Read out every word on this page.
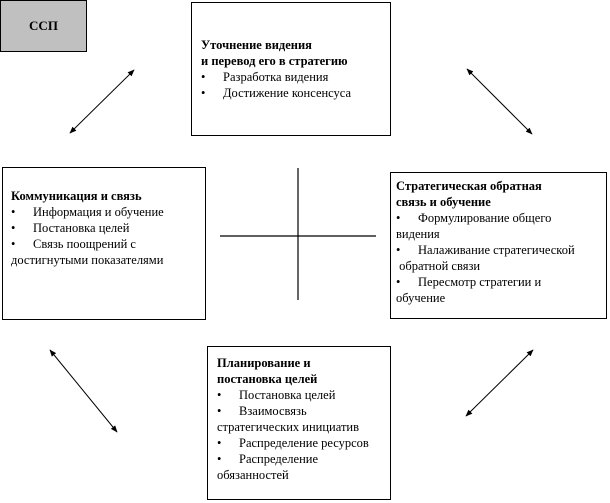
Уточнение видения
и перевод его в стратегию
• Разработка видения
• Достижение консенсуса
Коммуникация и связь
• Информация и обучение
• Постановка целей
• Связь поощрений с
достигнутыми показателями
ССП
Стратегическая обратная
связь и обучение
• Формулирование общего
видения
• Налаживание стратегической
обратной связи
• Пересмотр стратегии и
обучение
Планирование и
постановка целей
• Постановка целей
• Взаимосвязь
стратегических инициатив
• Распределение ресурсов
• Распределение
обязанностей
